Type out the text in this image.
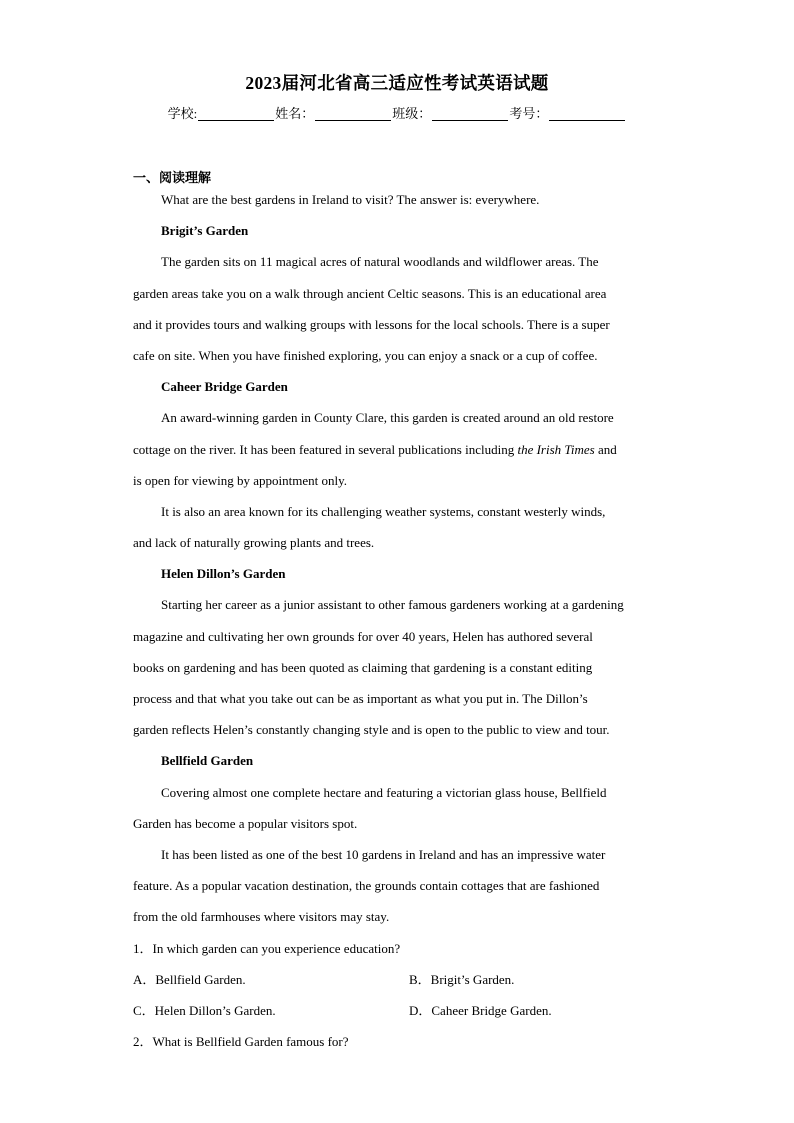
2023届河北省高三适应性考试英语试题
学校:	姓名：	班级：	考号：
一、阅读理解
What are the best gardens in Ireland to visit? The answer is: everywhere.
Brigit’s Garden
The garden sits on 11 magical acres of natural woodlands and wildflower areas. The
garden areas take you on a walk through ancient Celtic seasons. This is an educational area
and it provides tours and walking groups with lessons for the local schools. There is a super
cafe on site. When you have finished exploring, you can enjoy a snack or a cup of coffee.
Caheer Bridge Garden
An award-winning garden in County Clare, this garden is created around an old restore
cottage on the river. It has been featured in several publications including the Irish Times and
is open for viewing by appointment only.
It is also an area known for its challenging weather systems, constant westerly winds,
and lack of naturally growing plants and trees.
Helen Dillon’s Garden
Starting her career as a junior assistant to other famous gardeners working at a gardening
magazine and cultivating her own grounds for over 40 years, Helen has authored several
books on gardening and has been quoted as claiming that gardening is a constant editing
process and that what you take out can be as important as what you put in. The Dillon’s
garden reflects Helen’s constantly changing style and is open to the public to view and tour.
Bellfield Garden
Covering almost one complete hectare and featuring a victorian glass house, Bellfield
Garden has become a popular visitors spot.
It has been listed as one of the best 10 gardens in Ireland and has an impressive water
feature. As a popular vacation destination, the grounds contain cottages that are fashioned
from the old farmhouses where visitors may stay.
1．In which garden can you experience education?
A．Bellfield Garden.	B．Brigit’s Garden.
C．Helen Dillon’s Garden.	D．Caheer Bridge Garden.
2．What is Bellfield Garden famous for?
